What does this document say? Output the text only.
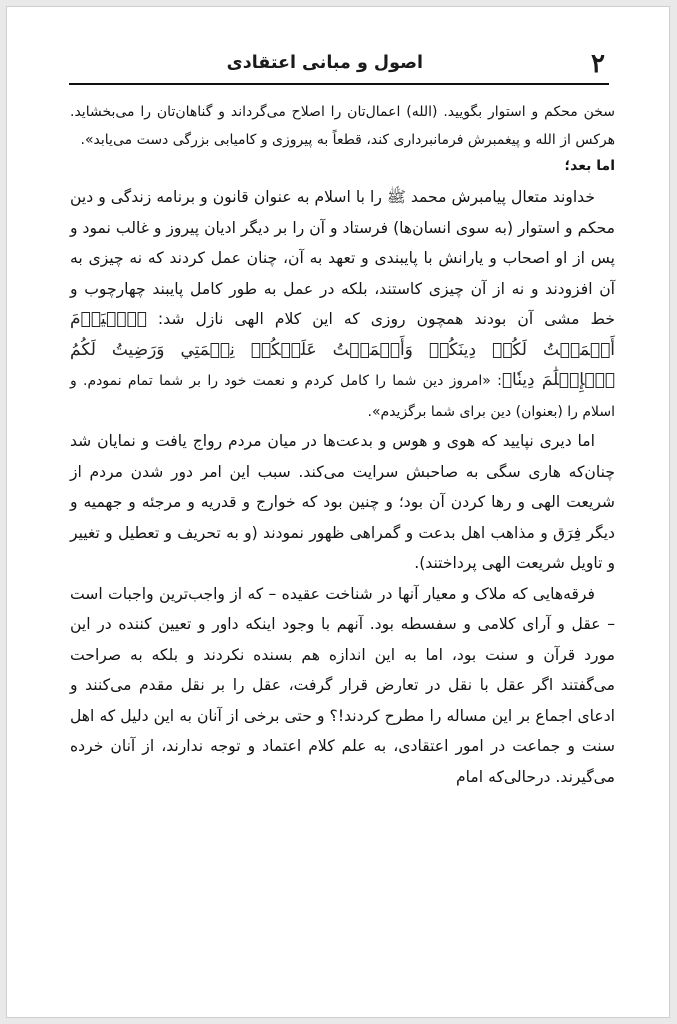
۲
اصول و مبانی اعتقادی

سخن محکم و استوار بگویید. (الله) اعمال‌تان را اصلاح می‌گرداند و گناهان‌تان را می‌بخشاید. هرکس از الله و پیغمبرش فرمانبرداری کند، قطعاً به پیروزی و کامیابی بزرگی دست می‌یابد».

اما بعد؛

خداوند متعال پیامبرش محمد ﷺ را با اسلام به عنوان قانون و برنامه زندگی و دین محکم و استوار (به سوی انسان‌ها) فرستاد و آن را بر دیگر ادیان پیروز و غالب نمود و پس از او اصحاب و یارانش با پایبندی و تعهد به آن، چنان عمل کردند که نه چیزی به آن افزودند و نه از آن چیزی کاستند، بلکه در عمل به طور کامل پایبند چهارچوب و خط مشی آن بودند همچون روزی که این کلام الهی نازل شد: ﴿ٱلۡيَوۡمَ أَكۡمَلۡتُ لَكُمۡ دِينَكُمۡ وَأَتۡمَمۡتُ عَلَيۡكُمۡ نِعۡمَتِي وَرَضِيتُ لَكُمُ ٱلۡإِسۡلَٰمَ دِينٗا﴾: «امروز دین شما را کامل کردم و نعمت خود را بر شما تمام نمودم. و اسلام را (بعنوان) دین برای شما برگزیدم».

اما دیری نپایید که هوی و هوس و بدعت‌ها در میان مردم رواج یافت و نمایان شد چنان‌که هاری سگی به صاحبش سرایت می‌کند. سبب این امر دور شدن مردم از شریعت الهی و رها کردن آن بود؛ و چنین بود که خوارج و قدریه و مرجئه و جهمیه و دیگر فِرَق و مذاهب اهل بدعت و گمراهی ظهور نمودند (و به تحریف و تعطیل و تغییر و تاویل شریعت الهی پرداختند).

فرقه‌هایی که ملاک و معیار آنها در شناخت عقیده – که از واجب‌ترین واجبات است – عقل و آرای کلامی و سفسطه بود. آنهم با وجود اینکه داور و تعیین کننده در این مورد قرآن و سنت بود، اما به این اندازه هم بسنده نکردند و بلکه به صراحت می‌گفتند اگر عقل با نقل در تعارض قرار گرفت، عقل را بر نقل مقدم می‌کنند و ادعای اجماع بر این مساله را مطرح کردند!؟ و حتی برخی از آنان به این دلیل که اهل سنت و جماعت در امور اعتقادی، به علم کلام اعتماد و توجه ندارند، از آنان خرده می‌گیرند. درحالی‌که امام
